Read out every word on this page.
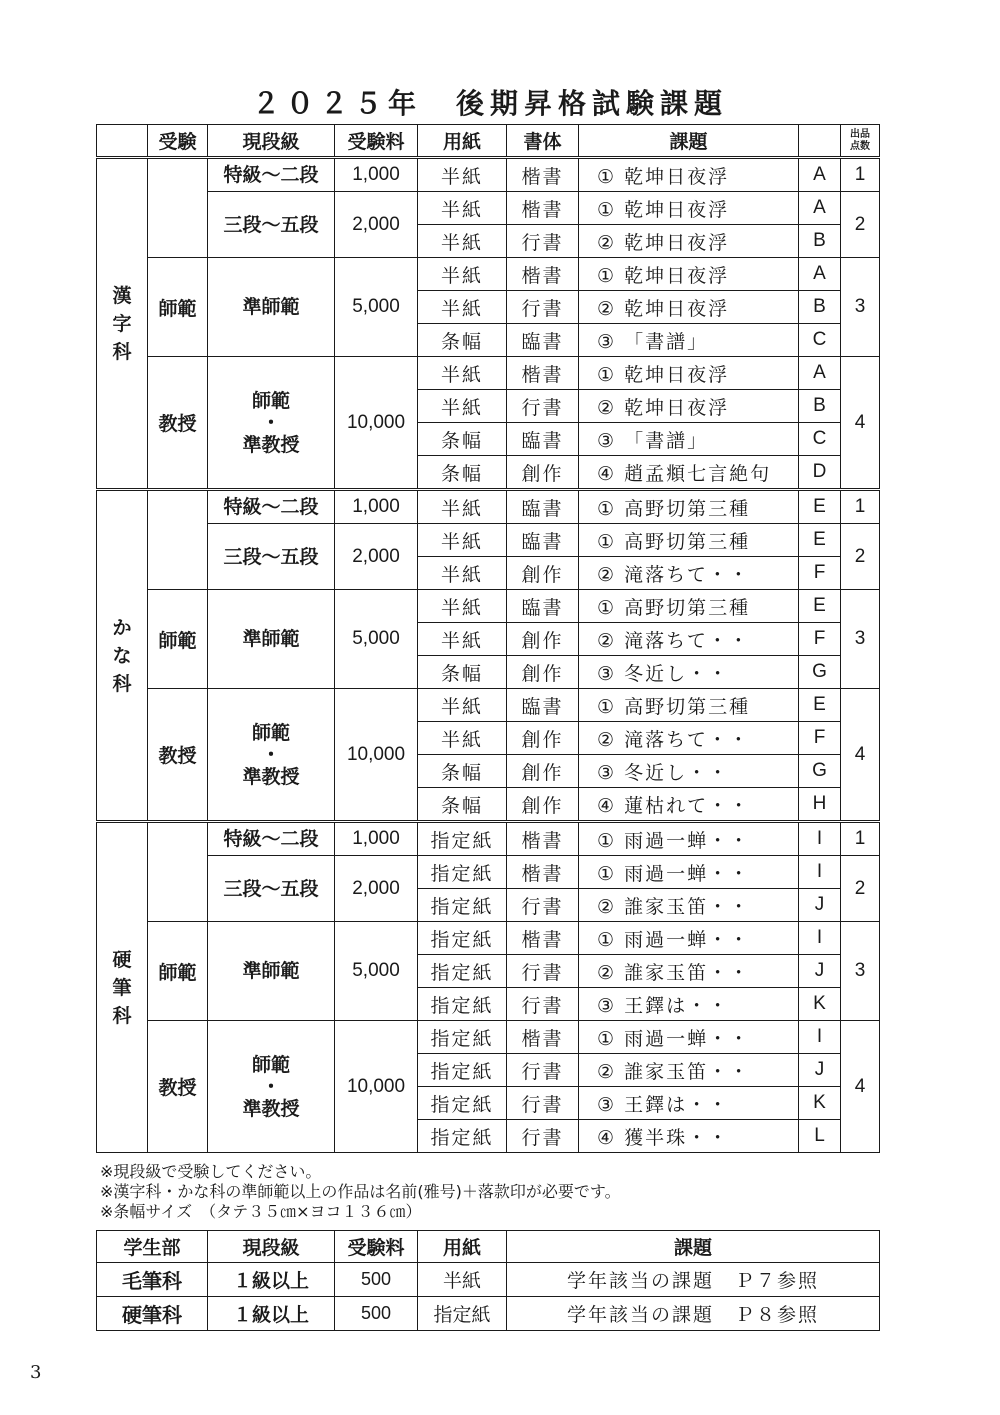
２０２５年　後期昇格試験課題
	受験	現段級	受験料	用紙	書体	課題		出品
点数

漢
字
科		特級～二段	1,000	半紙	楷書	① 乾坤日夜浮	A	1

		三段～五段	2,000	半紙	楷書	① 乾坤日夜浮	A	2
				半紙	行書	② 乾坤日夜浮	B	
	師範	準師範	5,000	半紙	楷書	① 乾坤日夜浮	A	3
				半紙	行書	② 乾坤日夜浮	B	
				条幅	臨書	③ 「書譜」	C	
	教授	師範
・
準教授	10,000	半紙	楷書	① 乾坤日夜浮	A	4
				半紙	行書	② 乾坤日夜浮	B	
				条幅	臨書	③ 「書譜」	C	
				条幅	創作	④ 趙孟頫七言絶句	D	

か
な
科		特級～二段	1,000	半紙	臨書	① 高野切第三種	E	1

		三段～五段	2,000	半紙	臨書	① 高野切第三種	E	2
				半紙	創作	② 滝落ちて・・	F	
	師範	準師範	5,000	半紙	臨書	① 高野切第三種	E	3
				半紙	創作	② 滝落ちて・・	F	
				条幅	創作	③ 冬近し・・	G	
	教授	師範
・
準教授	10,000	半紙	臨書	① 高野切第三種	E	4
				半紙	創作	② 滝落ちて・・	F	
				条幅	創作	③ 冬近し・・	G	
				条幅	創作	④ 蓮枯れて・・	H	

硬
筆
科		特級～二段	1,000	指定紙	楷書	① 雨過一蝉・・	I	1

		三段～五段	2,000	指定紙	楷書	① 雨過一蝉・・	I	2
				指定紙	行書	② 誰家玉笛・・	J	
	師範	準師範	5,000	指定紙	楷書	① 雨過一蝉・・	I	3
				指定紙	行書	② 誰家玉笛・・	J	
				指定紙	行書	③ 王鐸は・・	K	
	教授	師範
・
準教授	10,000	指定紙	楷書	① 雨過一蝉・・	I	4
				指定紙	行書	② 誰家玉笛・・	J	
				指定紙	行書	③ 王鐸は・・	K	
				指定紙	行書	④ 獲半珠・・	L	
※現段級で受験してください。
※漢字科・かな科の準師範以上の作品は名前(雅号)＋落款印が必要です。
※条幅サイズ　（タテ３５㎝×ヨコ１３６㎝）
学生部	現段級	受験料	用紙	課題
毛筆科	１級以上	500	半紙	学年該当の課題　Ｐ７参照
硬筆科	１級以上	500	指定紙	学年該当の課題　Ｐ８参照
3
